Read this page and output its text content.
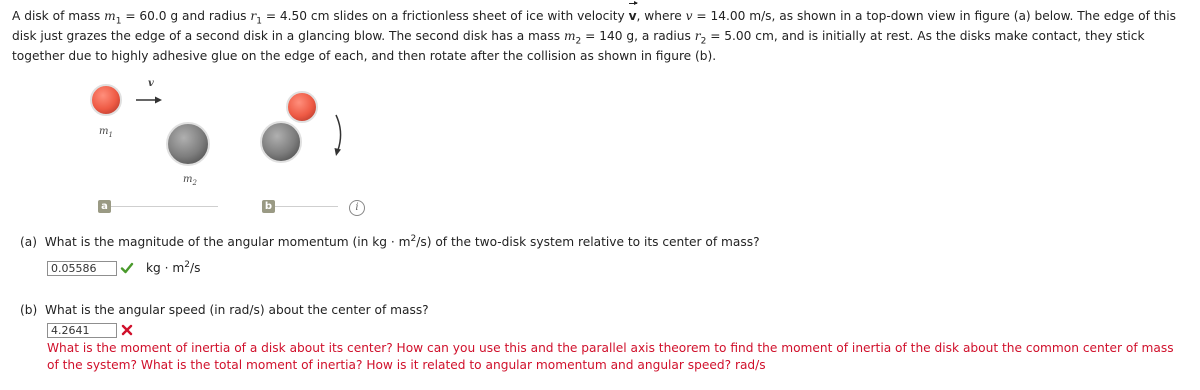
A disk of mass $m_1 = 60.0$ g and radius $r_1 = 4.50$ cm slides on a frictionless sheet of ice with velocity v, where v = 14.00 m/s, as shown in a top-down view in figure (a) below. The edge of this disk just grazes the edge of a second disk in a glancing blow. The second disk has a mass $m_2 = 140$ g, a radius $r_2 = 5.00$ cm, and is initially at rest. As the disks make contact, they stick together due to highly adhesive glue on the edge of each, and then rotate after the collision as shown in figure (b).
v
$m_1$
$m_2$
a	b	i
(a) What is the magnitude of the angular momentum (in kg · $m^2/s$) of the two-disk system relative to its center of mass?
0.05586	kg · $m^2/s$
(b) What is the angular speed (in rad/s) about the center of mass?
4.2641
What is the moment of inertia of a disk about its center? How can you use this and the parallel axis theorem to find the moment of inertia of the disk about the common center of mass of the system? What is the total moment of inertia? How is it related to angular momentum and angular speed? rad/s
